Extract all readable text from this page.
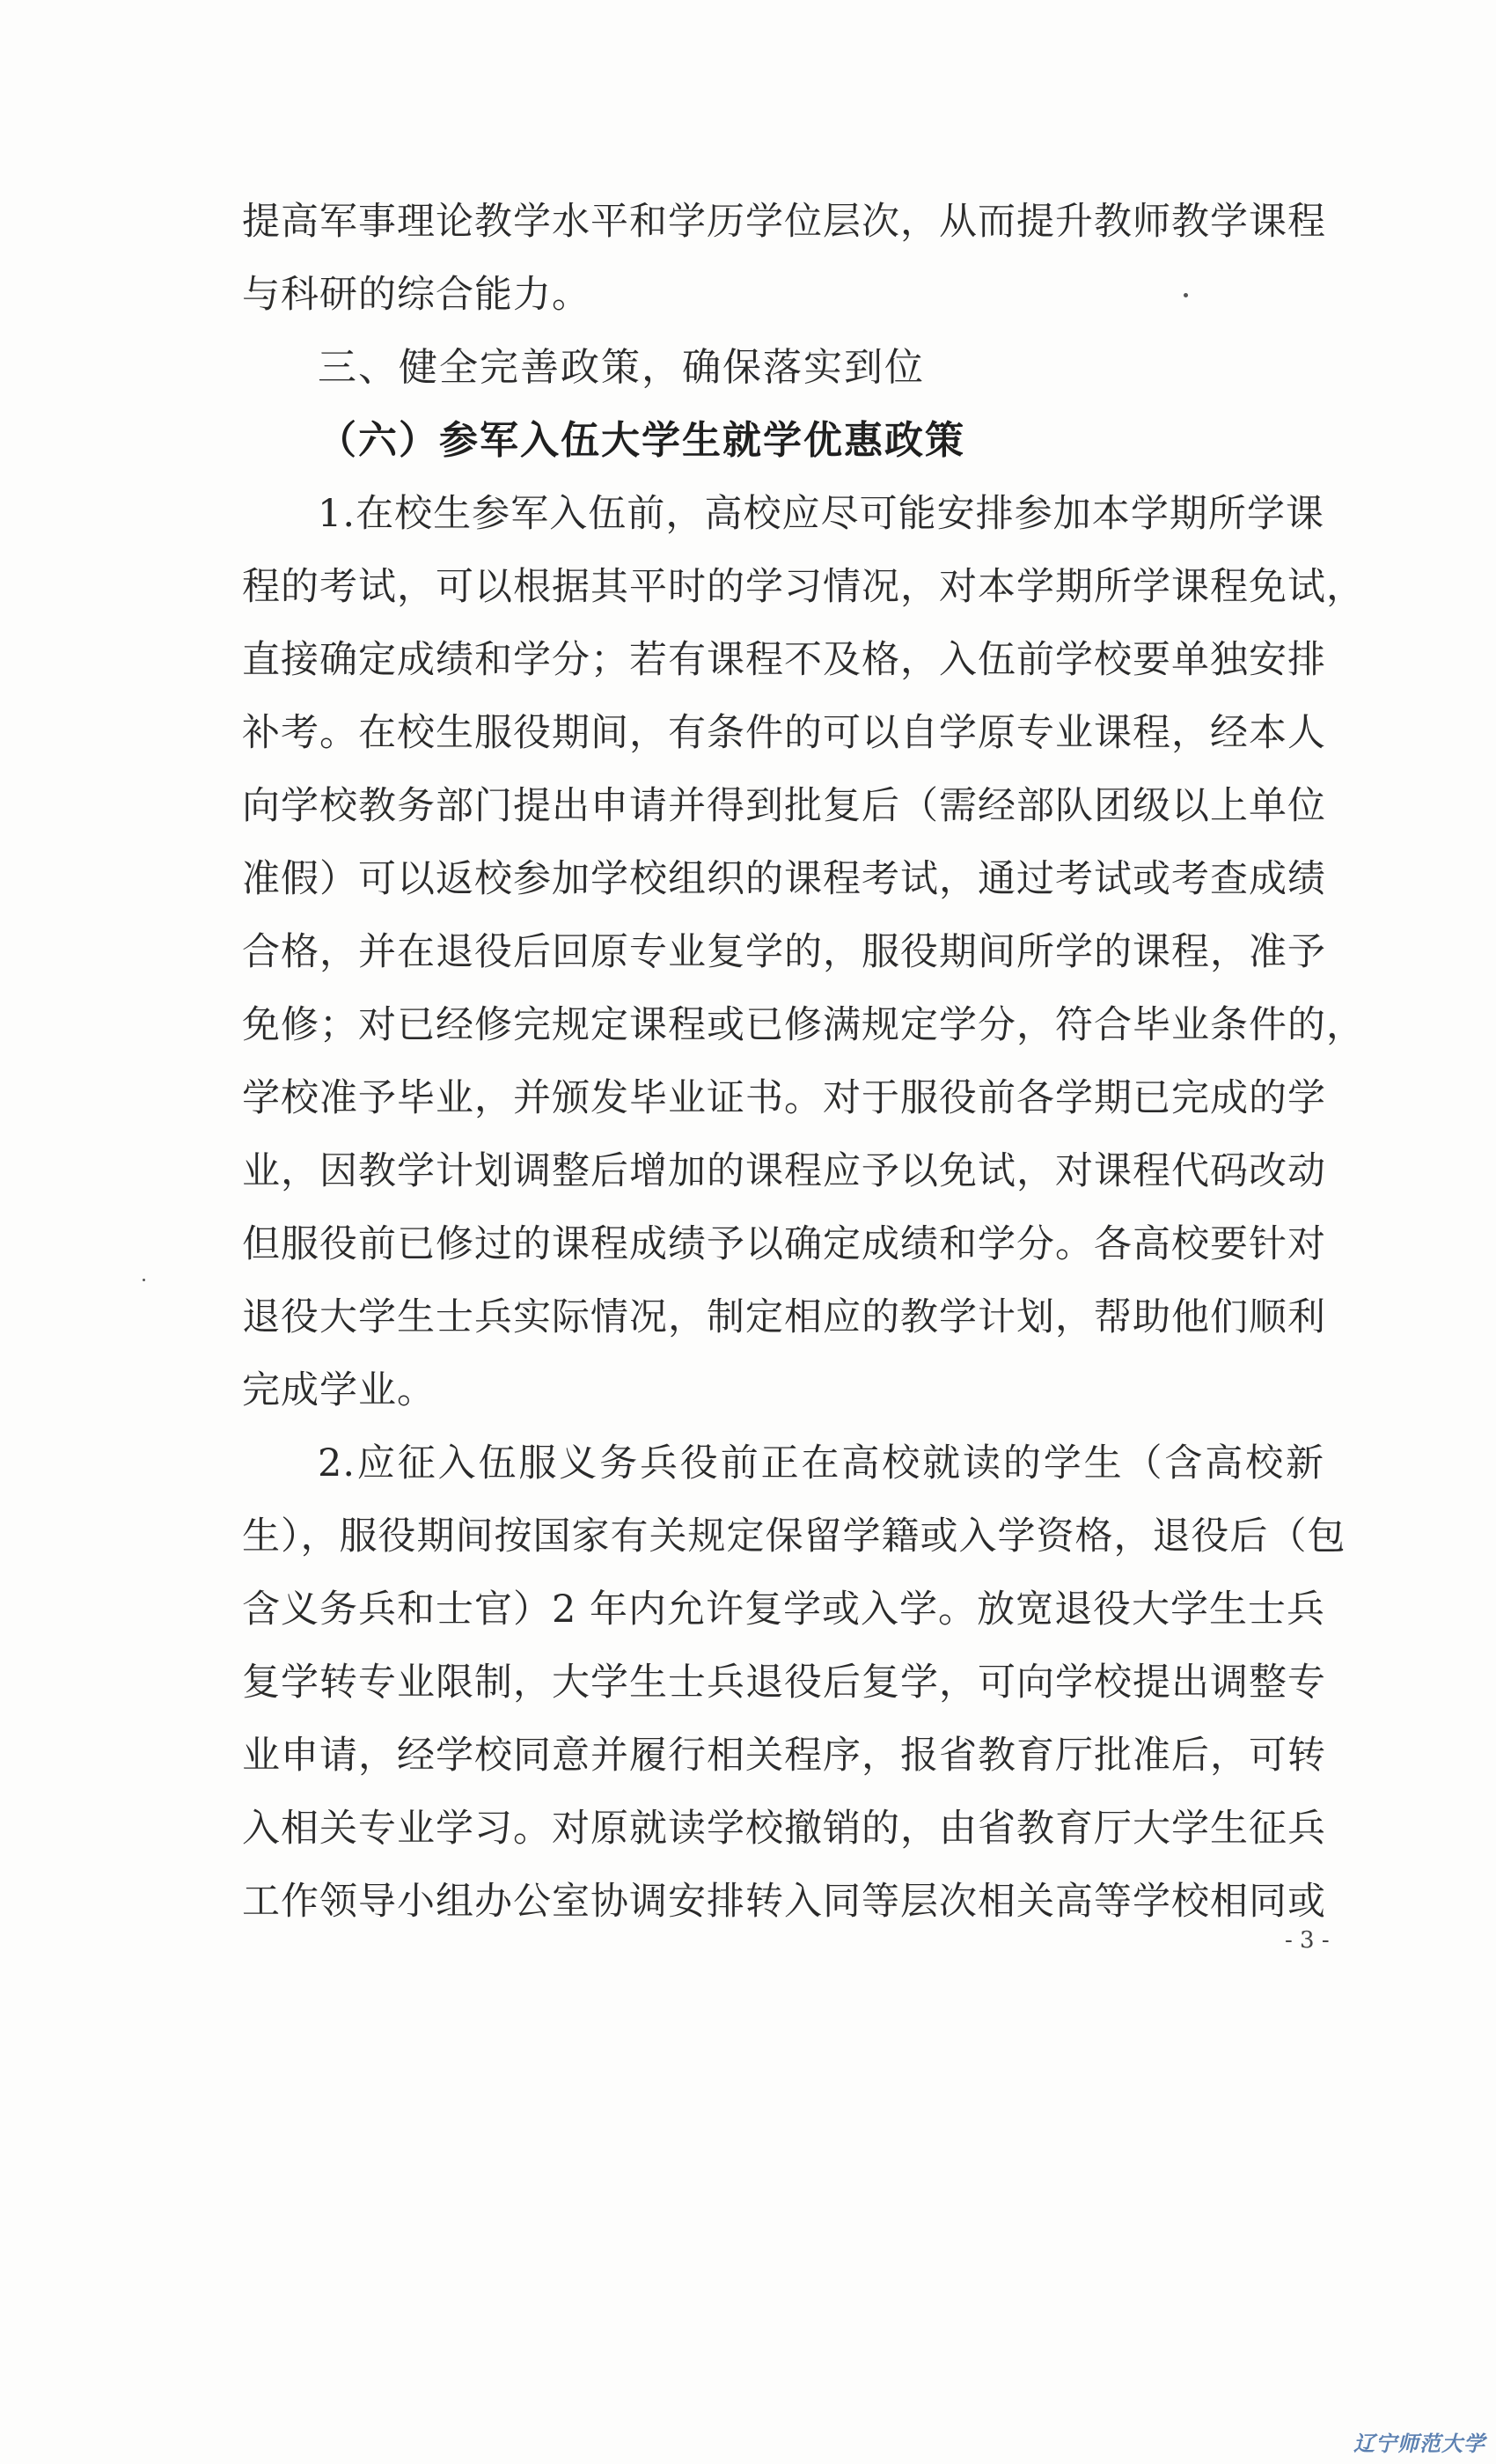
提高军事理论教学水平和学历学位层次，从而提升教师教学课程
与科研的综合能力。
三、健全完善政策，确保落实到位
（六）参军入伍大学生就学优惠政策
1.在校生参军入伍前，高校应尽可能安排参加本学期所学课
程的考试，可以根据其平时的学习情况，对本学期所学课程免试，
直接确定成绩和学分；若有课程不及格，入伍前学校要单独安排
补考。在校生服役期间，有条件的可以自学原专业课程，经本人
向学校教务部门提出申请并得到批复后（需经部队团级以上单位
准假）可以返校参加学校组织的课程考试，通过考试或考查成绩
合格，并在退役后回原专业复学的，服役期间所学的课程，准予
免修；对已经修完规定课程或已修满规定学分，符合毕业条件的，
学校准予毕业，并颁发毕业证书。对于服役前各学期已完成的学
业，因教学计划调整后增加的课程应予以免试，对课程代码改动
但服役前已修过的课程成绩予以确定成绩和学分。各高校要针对
退役大学生士兵实际情况，制定相应的教学计划，帮助他们顺利
完成学业。
2.应征入伍服义务兵役前正在高校就读的学生（含高校新
生），服役期间按国家有关规定保留学籍或入学资格，退役后（包
含义务兵和士官）2 年内允许复学或入学。放宽退役大学生士兵
复学转专业限制，大学生士兵退役后复学，可向学校提出调整专
业申请，经学校同意并履行相关程序，报省教育厅批准后，可转
入相关专业学习。对原就读学校撤销的，由省教育厅大学生征兵
工作领导小组办公室协调安排转入同等层次相关高等学校相同或
- 3 -
辽宁师范大学
